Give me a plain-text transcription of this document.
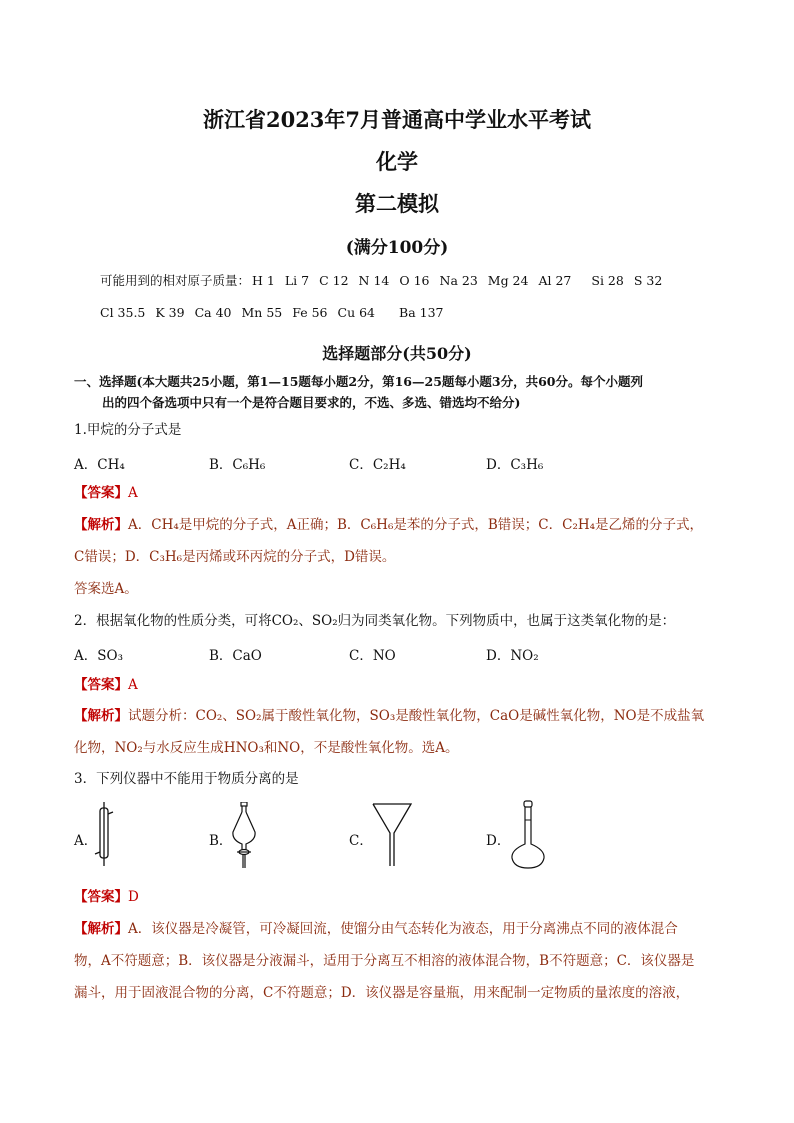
浙江省2023年7月普通高中学业水平考试
化学
第二模拟
(满分100分)
可能用到的相对原子质量： H 1 Li 7 C 12 N 14 O 16 Na 23 Mg 24 Al 27 Si 28 S 32
Cl 35.5 K 39 Ca 40 Mn 55 Fe 56 Cu 64 Ba 137
选择题部分(共50分)
一、选择题(本大题共25小题，第1—15题每小题2分，第16—25题每小题3分，共60分。每个小题列
出的四个备选项中只有一个是符合题目要求的，不选、多选、错选均不给分)
1.甲烷的分子式是
A．CH₄	B．C₆H₆	C．C₂H₄	D．C₃H₆
【答案】A
【解析】A．CH₄是甲烷的分子式，A正确；B．C₆H₆是苯的分子式，B错误；C．C₂H₄是乙烯的分子式，
C错误；D．C₃H₆是丙烯或环丙烷的分子式，D错误。
答案选A。
2．根据氧化物的性质分类，可将CO₂、SO₂归为同类氧化物。下列物质中，也属于这类氧化物的是：
A．SO₃	B．CaO	C．NO	D．NO₂
【答案】A
【解析】试题分析：CO₂、SO₂属于酸性氧化物，SO₃是酸性氧化物，CaO是碱性氧化物，NO是不成盐氧
化物，NO₂与水反应生成HNO₃和NO，不是酸性氧化物。选A。
3．下列仪器中不能用于物质分离的是
A．	B．	C．	D．
【答案】D
【解析】A．该仪器是冷凝管，可冷凝回流，使馏分由气态转化为液态，用于分离沸点不同的液体混合
物，A不符题意；B．该仪器是分液漏斗，适用于分离互不相溶的液体混合物，B不符题意；C．该仪器是
漏斗，用于固液混合物的分离，C不符题意；D．该仪器是容量瓶，用来配制一定物质的量浓度的溶液，
